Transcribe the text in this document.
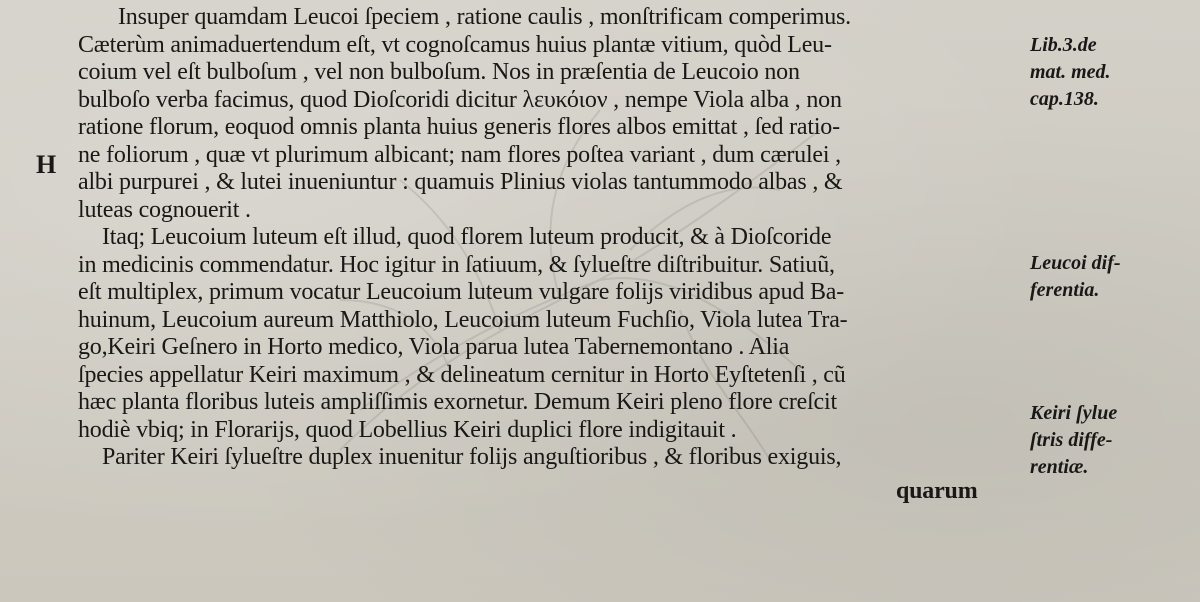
H
Insuper quamdam Leucoi ſpeciem , ratione caulis , monſtrificam comperimus.
Cæterùm animaduertendum eſt, vt cognoſcamus huius plantæ vitium, quòd Leu-
coium vel eſt bulboſum , vel non bulboſum. Nos in præſentia de Leucoio non
bulboſo verba facimus, quod Dioſcoridi dicitur λευκόιον , nempe Viola alba , non
ratione florum, eoquod omnis planta huius generis flores albos emittat , ſed ratio-
ne foliorum , quæ vt plurimum albicant; nam flores poſtea variant , dum cærulei ,
albi purpurei , & lutei inueniuntur : quamuis Plinius violas tantummodo albas , &
luteas cognouerit .
Itaq; Leucoium luteum eſt illud, quod florem luteum producit, & à Dioſcoride
in medicinis commendatur. Hoc igitur in ſatiuum, & ſylueſtre diſtribuitur. Satiuũ,
eſt multiplex, primum vocatur Leucoium luteum vulgare folijs viridibus apud Ba-
huinum, Leucoium aureum Matthiolo, Leucoium luteum Fuchſio, Viola lutea Tra-
go,Keiri Geſnero in Horto medico, Viola parua lutea Tabernemontano . Alia
ſpecies appellatur Keiri maximum , & delineatum cernitur in Horto Eyſtetenſi , cũ
hæc planta floribus luteis ampliſſimis exornetur. Demum Keiri pleno flore creſcit
hodiè vbiq; in Florarijs, quod Lobellius Keiri duplici flore indigitauit .
Pariter Keiri ſylueſtre duplex inuenitur folijs anguſtioribus , & floribus exiguis,
quarum
Lib.3.de
mat. med.
cap.138.
Leucoi dif-
ferentia.
Keiri ſylue
ſtris diffe-
rentiæ.
